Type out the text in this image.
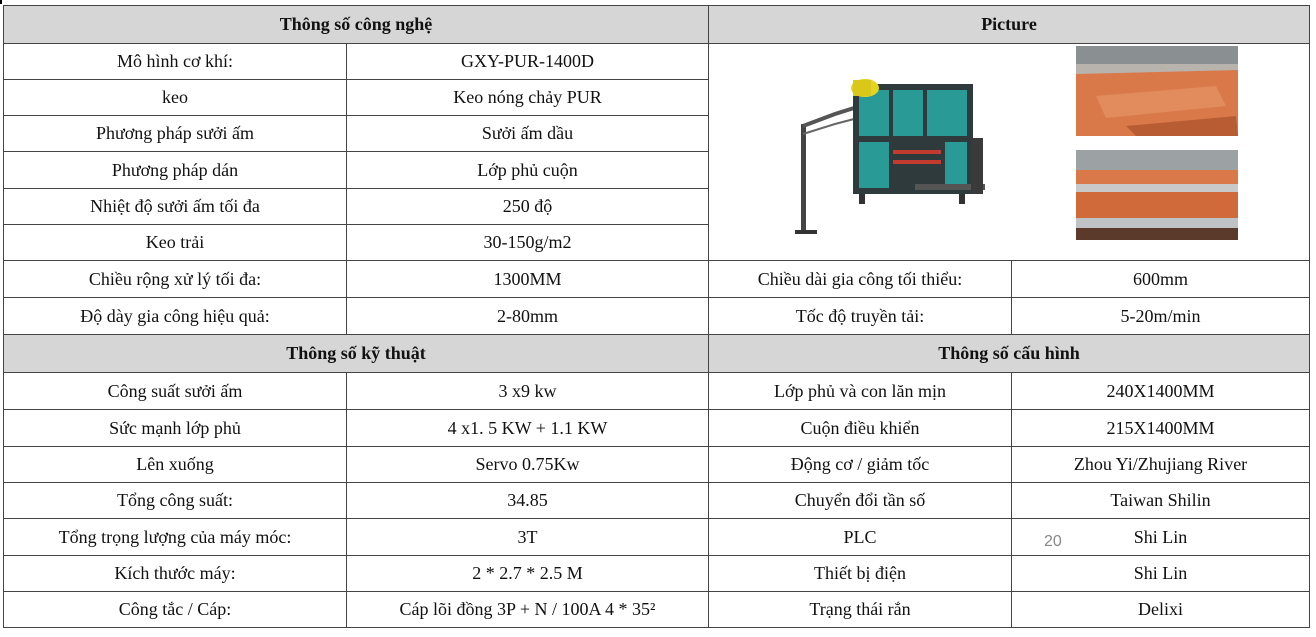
Thông số công nghệ		Picture	
Mô hình cơ khí:	GXY-PUR-1400D	

keo	Keo nóng chảy PUR		
Phương pháp sưởi ấm	Sưởi ấm dầu		
Phương pháp dán	Lớp phủ cuộn		
Nhiệt độ sưởi ấm tối đa	250 độ		
Keo trải	30-150g/m2		
Chiều rộng xử lý tối đa:	1300MM	Chiều dài gia công tối thiểu:	600mm
Độ dày gia công hiệu quả:	2-80mm	Tốc độ truyền tải:	5-20m/min
Thông số kỹ thuật		Thông số cấu hình	
Công suất sưởi ấm	3 x9 kw	Lớp phủ và con lăn mịn	240X1400MM
Sức mạnh lớp phủ	4 x1. 5 KW + 1.1 KW	Cuộn điều khiển	215X1400MM
Lên xuống	Servo 0.75Kw	Động cơ / giảm tốc	Zhou Yi/Zhujiang River
Tổng công suất:	34.85	Chuyển đổi tần số	Taiwan Shilin
Tổng trọng lượng của máy móc:	3T	PLC	Shi Lin
Kích thước máy:	2 * 2.7 * 2.5 M	Thiết bị điện	Shi Lin
Công tắc / Cáp:	Cáp lõi đồng 3P + N / 100A 4 * 35²	Trạng thái rắn	Delixi
20
